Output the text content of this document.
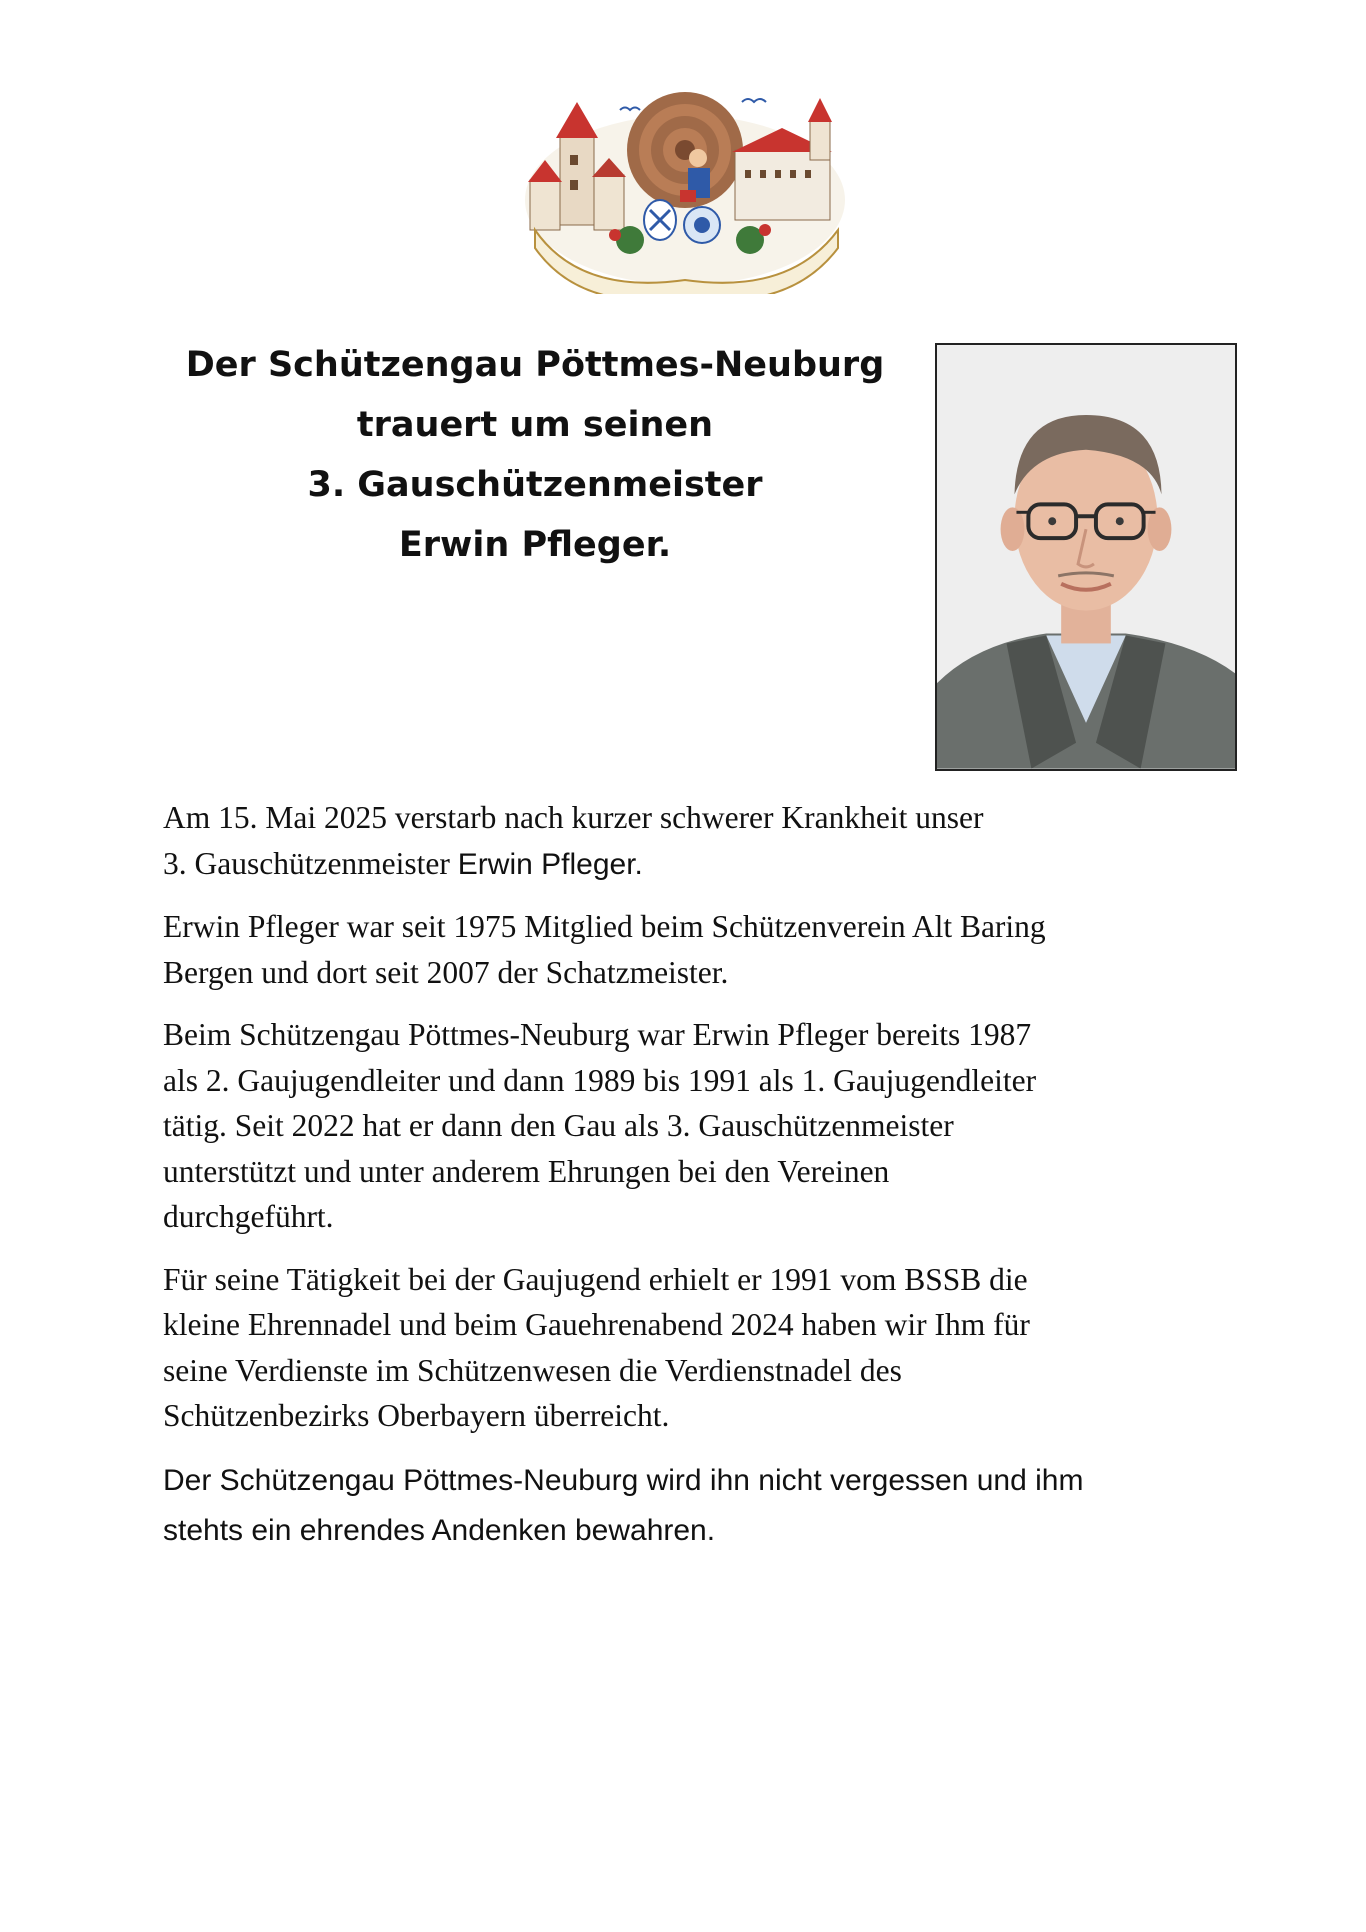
Der Schützengau Pöttmes-Neuburg
trauert um seinen
3. Gauschützenmeister
Erwin Pfleger.

Am 15. Mai 2025 verstarb nach kurzer schwerer Krankheit unser
3. Gauschützenmeister Erwin Pfleger.

Erwin Pfleger war seit 1975 Mitglied beim Schützenverein Alt Baring
Bergen und dort seit 2007 der Schatzmeister.

Beim Schützengau Pöttmes-Neuburg war Erwin Pfleger bereits 1987
als 2. Gaujugendleiter und dann 1989 bis 1991 als 1. Gaujugendleiter
tätig. Seit 2022 hat er dann den Gau als 3. Gauschützenmeister
unterstützt und unter anderem Ehrungen bei den Vereinen
durchgeführt.

Für seine Tätigkeit bei der Gaujugend erhielt er 1991 vom BSSB die
kleine Ehrennadel und beim Gauehrenabend 2024 haben wir Ihm für
seine Verdienste im Schützenwesen die Verdienstnadel des
Schützenbezirks Oberbayern überreicht.

Der Schützengau Pöttmes-Neuburg wird ihn nicht vergessen und ihm
stehts ein ehrendes Andenken bewahren.
